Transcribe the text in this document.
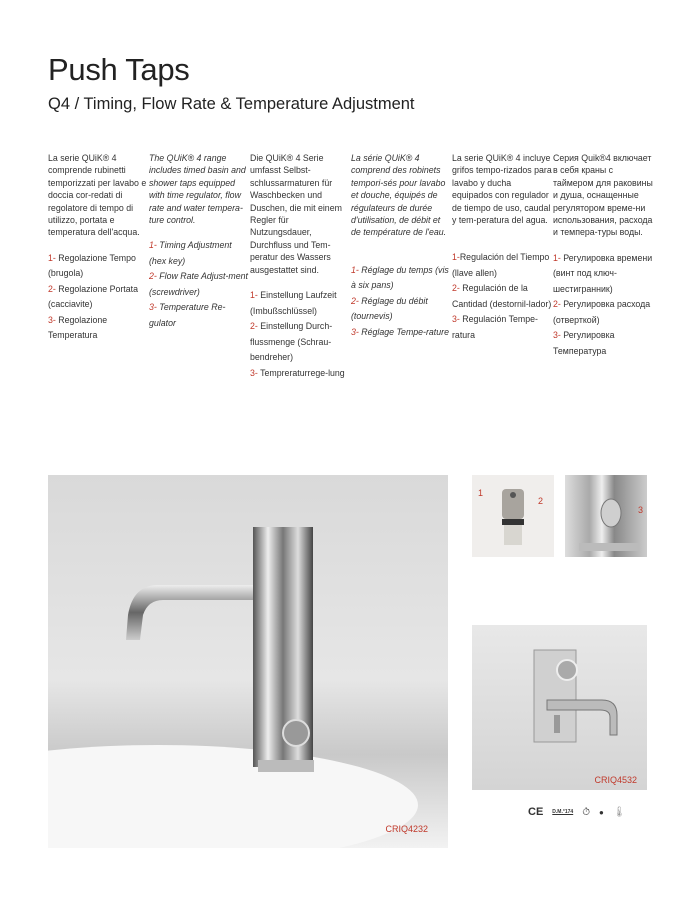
Push Taps
Q4 / Timing, Flow Rate & Temperature Adjustment

La serie QUiK® 4 comprende rubinetti temporizzati per lavabo e doccia cor-redati di regolatore di tempo di utilizzo, portata e temperatura dell'acqua.

1- Regolazione Tempo (brugola)
2- Regolazione Portata (cacciavite)
3- Regolazione Temperatura

The QUiK® 4 range includes timed basin and shower taps equipped with time regulator, flow rate and water tempera-ture control.

1- Timing Adjustment (hex key)
2- Flow Rate Adjust-ment (screwdriver)
3- Temperature Re-gulator

Die QUiK® 4 Serie umfasst Selbst-schlussarmaturen für Waschbecken und Duschen, die mit einem Regler für Nutzungsdauer, Durchfluss und Tem-peratur des Wassers ausgestattet sind.

1- Einstellung Laufzeit (Imbußschlüssel)
2- Einstellung Durch-flussmenge (Schrau-bendreher)
3- Tempreraturrege-lung

La série QUiK® 4 comprend des robinets tempori-sés pour lavabo et douche, équipés de régulateurs de durée d'utilisation, de débit et de température de l'eau.

1- Réglage du temps (vis à six pans)
2- Réglage du débit (tournevis)
3- Réglage Tempe-rature

La serie QUiK® 4 incluye grifos tempo-rizados para lavabo y ducha equipados con regulador de tiempo de uso, caudal y tem-peratura del agua.

1-Regulación del Tiempo (llave allen)
2- Regulación de la Cantidad (destornil-lador)
3- Regulación Tempe-ratura

Серия Quik®4 включает в себя краны с таймером для раковины и душа, оснащенные регулятором време-ни использования, расхода и темпера-туры воды.

1- Регулировка времени (винт под ключ-шестигранник)
2- Регулировка расхода (отверткой)
3- Регулировка Температура
CRIQ4232
1
2
3
CRIQ4532
CE D.M.°174 ⏱ ● 🌡
